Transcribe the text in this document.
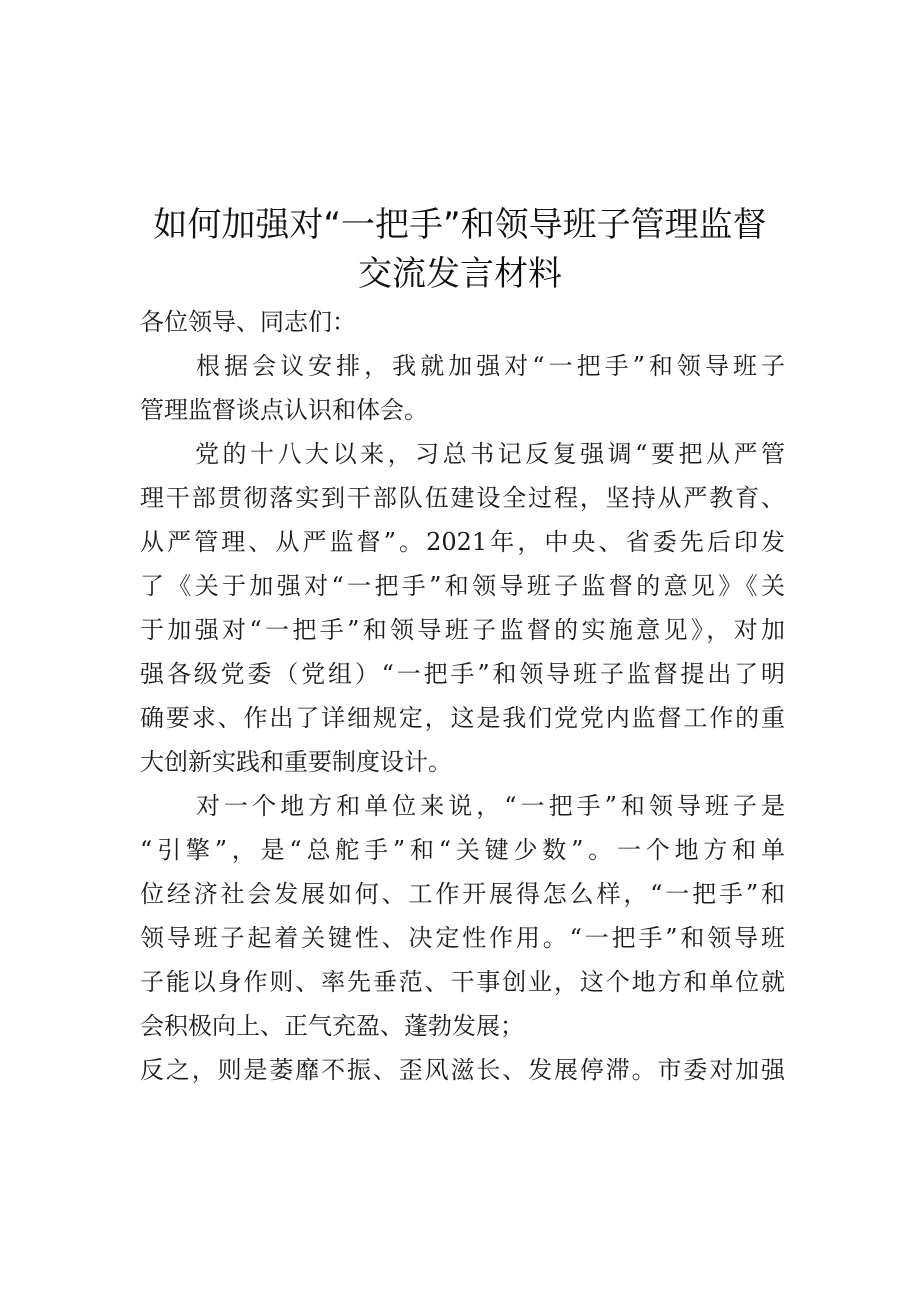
如何加强对“一把手”和领导班子管理监督
交流发言材料
各位领导、同志们：
　　根据会议安排，我就加强对“一把手”和领导班子
管理监督谈点认识和体会。
　　党的十八大以来，习总书记反复强调“要把从严管
理干部贯彻落实到干部队伍建设全过程，坚持从严教育、
从严管理、从严监督”。2021年，中央、省委先后印发
了《关于加强对“一把手”和领导班子监督的意见》《关
于加强对“一把手”和领导班子监督的实施意见》，对加
强各级党委（党组）“一把手”和领导班子监督提出了明
确要求、作出了详细规定，这是我们党党内监督工作的重
大创新实践和重要制度设计。
　　对一个地方和单位来说，“一把手”和领导班子是
“引擎”，是“总舵手”和“关键少数”。一个地方和单
位经济社会发展如何、工作开展得怎么样，“一把手”和
领导班子起着关键性、决定性作用。“一把手”和领导班
子能以身作则、率先垂范、干事创业，这个地方和单位就
会积极向上、正气充盈、蓬勃发展；
反之，则是萎靡不振、歪风滋长、发展停滞。市委对加强
